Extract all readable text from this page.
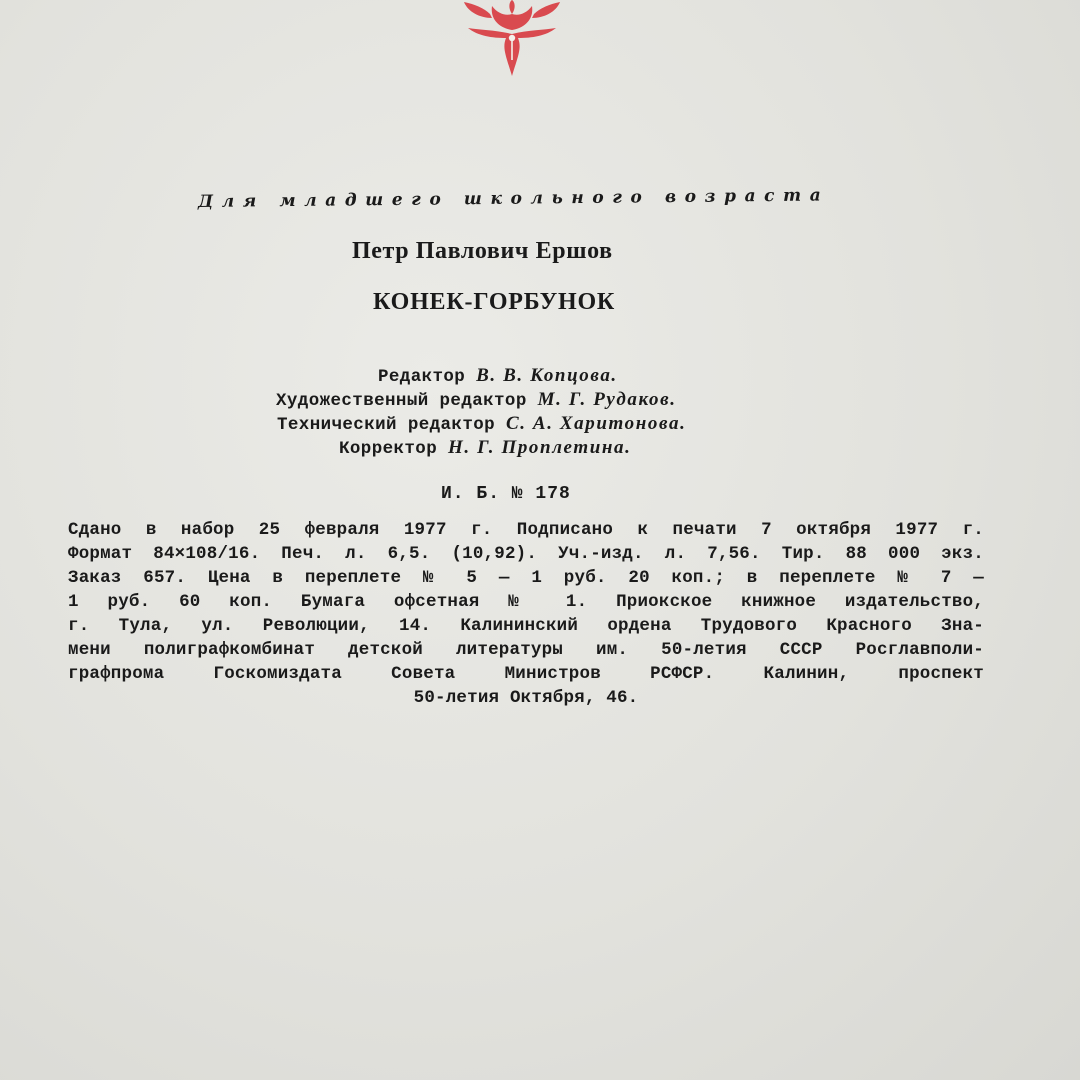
Для младшего школьного возраста
Петр Павлович Ершов
КОНЕК-ГОРБУНОК
Редактор В. В. Копцова.
Художественный редактор М. Г. Рудаков.
Технический редактор С. А. Харитонова.
Корректор Н. Г. Проплетина.
И. Б. № 178
Сдано в набор 25 февраля 1977 г. Подписано к печати 7 октября 1977 г.
Формат 84×108/16. Печ. л. 6,5. (10,92). Уч.-изд. л. 7,56. Тир. 88 000 экз.
Заказ 657. Цена в переплете № 5 — 1 руб. 20 коп.; в переплете № 7 —
1 руб. 60 коп. Бумага офсетная № 1. Приокское книжное издательство,
г. Тула, ул. Революции, 14. Калининский ордена Трудового Красного Зна-
мени полиграфкомбинат детской литературы им. 50-летия СССР Росглавполи-
графпрома Госкомиздата Совета Министров РСФСР. Калинин, проспект
50-летия Октября, 46.
